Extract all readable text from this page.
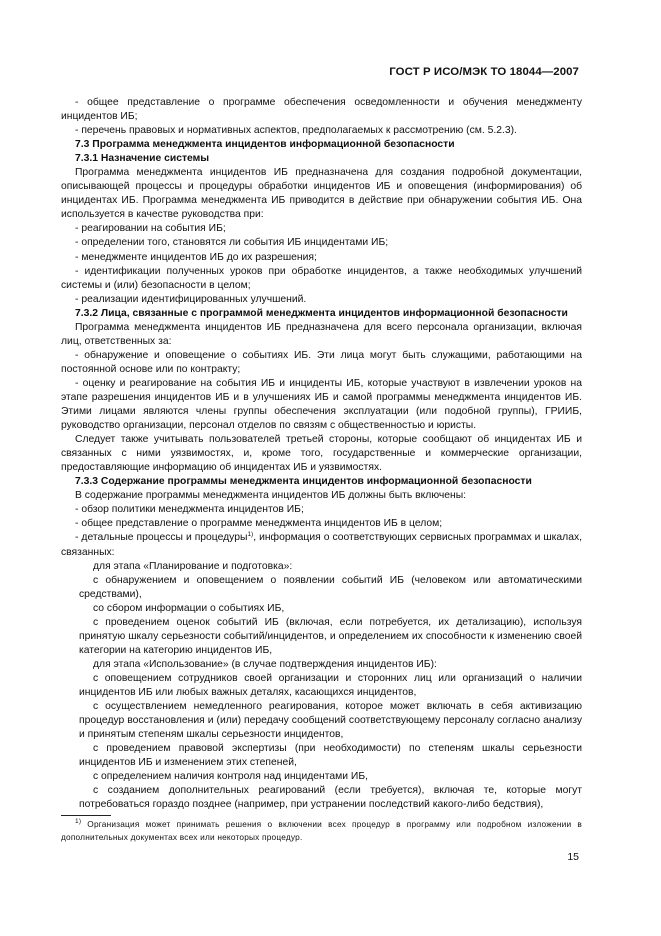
ГОСТ Р ИСО/МЭК ТО 18044—2007

- общее представление о программе обеспечения осведомленности и обучения менеджменту инцидентов ИБ;

- перечень правовых и нормативных аспектов, предполагаемых к рассмотрению (см. 5.2.3).

7.3 Программа менеджмента инцидентов информационной безопасности

7.3.1 Назначение системы

Программа менеджмента инцидентов ИБ предназначена для создания подробной документации, описывающей процессы и процедуры обработки инцидентов ИБ и оповещения (информирования) об инцидентах ИБ. Программа менеджмента ИБ приводится в действие при обнаружении события ИБ. Она используется в качестве руководства при:

- реагировании на события ИБ;

- определении того, становятся ли события ИБ инцидентами ИБ;

- менеджменте инцидентов ИБ до их разрешения;

- идентификации полученных уроков при обработке инцидентов, а также необходимых улучшений системы и (или) безопасности в целом;

- реализации идентифицированных улучшений.

7.3.2 Лица, связанные с программой менеджмента инцидентов информационной безопасности

Программа менеджмента инцидентов ИБ предназначена для всего персонала организации, включая лиц, ответственных за:

- обнаружение и оповещение о событиях ИБ. Эти лица могут быть служащими, работающими на постоянной основе или по контракту;

- оценку и реагирование на события ИБ и инциденты ИБ, которые участвуют в извлечении уроков на этапе разрешения инцидентов ИБ и в улучшениях ИБ и самой программы менеджмента инцидентов ИБ. Этими лицами являются члены группы обеспечения эксплуатации (или подобной группы), ГРИИБ, руководство организации, персонал отделов по связям с общественностью и юристы.

Следует также учитывать пользователей третьей стороны, которые сообщают об инцидентах ИБ и связанных с ними уязвимостях, и, кроме того, государственные и коммерческие организации, предоставляющие информацию об инцидентах ИБ и уязвимостях.

7.3.3 Содержание программы менеджмента инцидентов информационной безопасности

В содержание программы менеджмента инцидентов ИБ должны быть включены:

- обзор политики менеджмента инцидентов ИБ;

- общее представление о программе менеджмента инцидентов ИБ в целом;

- детальные процессы и процедуры$^{1)}$, информация о соответствующих сервисных программах и шкалах, связанных:

для этапа «Планирование и подготовка»:

с обнаружением и оповещением о появлении событий ИБ (человеком или автоматическими средствами),

со сбором информации о событиях ИБ,

с проведением оценок событий ИБ (включая, если потребуется, их детализацию), используя принятую шкалу серьезности событий/инцидентов, и определением их способности к изменению своей категории на категорию инцидентов ИБ,

для этапа «Использование» (в случае подтверждения инцидентов ИБ):

с оповещением сотрудников своей организации и сторонних лиц или организаций о наличии инцидентов ИБ или любых важных деталях, касающихся инцидентов,

с осуществлением немедленного реагирования, которое может включать в себя активизацию процедур восстановления и (или) передачу сообщений соответствующему персоналу согласно анализу и принятым степеням шкалы серьезности инцидентов,

с проведением правовой экспертизы (при необходимости) по степеням шкалы серьезности инцидентов ИБ и изменением этих степеней,

с определением наличия контроля над инцидентами ИБ,

с созданием дополнительных реагирований (если требуется), включая те, которые могут потребоваться гораздо позднее (например, при устранении последствий какого-либо бедствия),

$^{1)}$ Организация может принимать решения о включении всех процедур в программу или подробном изложении в дополнительных документах всех или некоторых процедур.

15
